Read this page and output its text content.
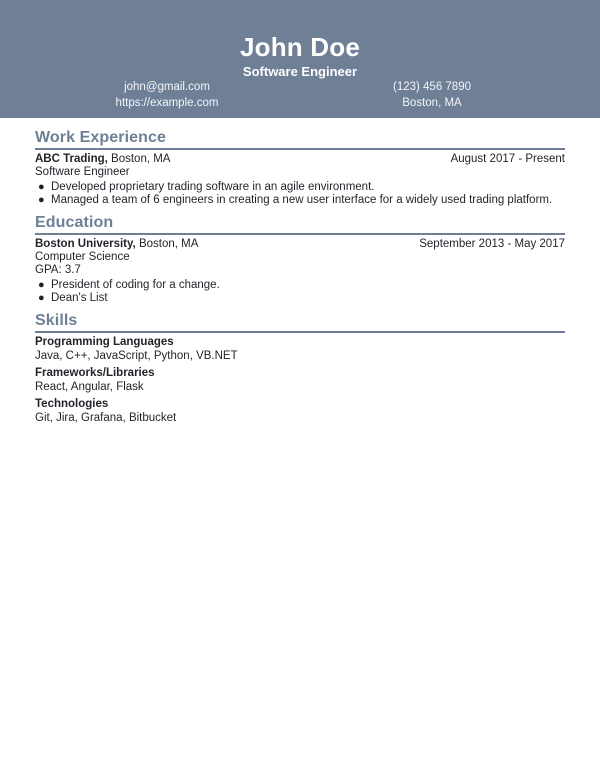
John Doe
Software Engineer
john@gmail.com	(123) 456 7890
https://example.com	Boston, MA
Work Experience
ABC Trading, Boston, MA	August 2017 - Present
Software Engineer
● Developed proprietary trading software in an agile environment.
● Managed a team of 6 engineers in creating a new user interface for a widely used trading platform.
Education
Boston University, Boston, MA	September 2013 - May 2017
Computer Science
GPA: 3.7
● President of coding for a change.
● Dean's List
Skills
Programming Languages
Java, C++, JavaScript, Python, VB.NET
Frameworks/Libraries
React, Angular, Flask
Technologies
Git, Jira, Grafana, Bitbucket
